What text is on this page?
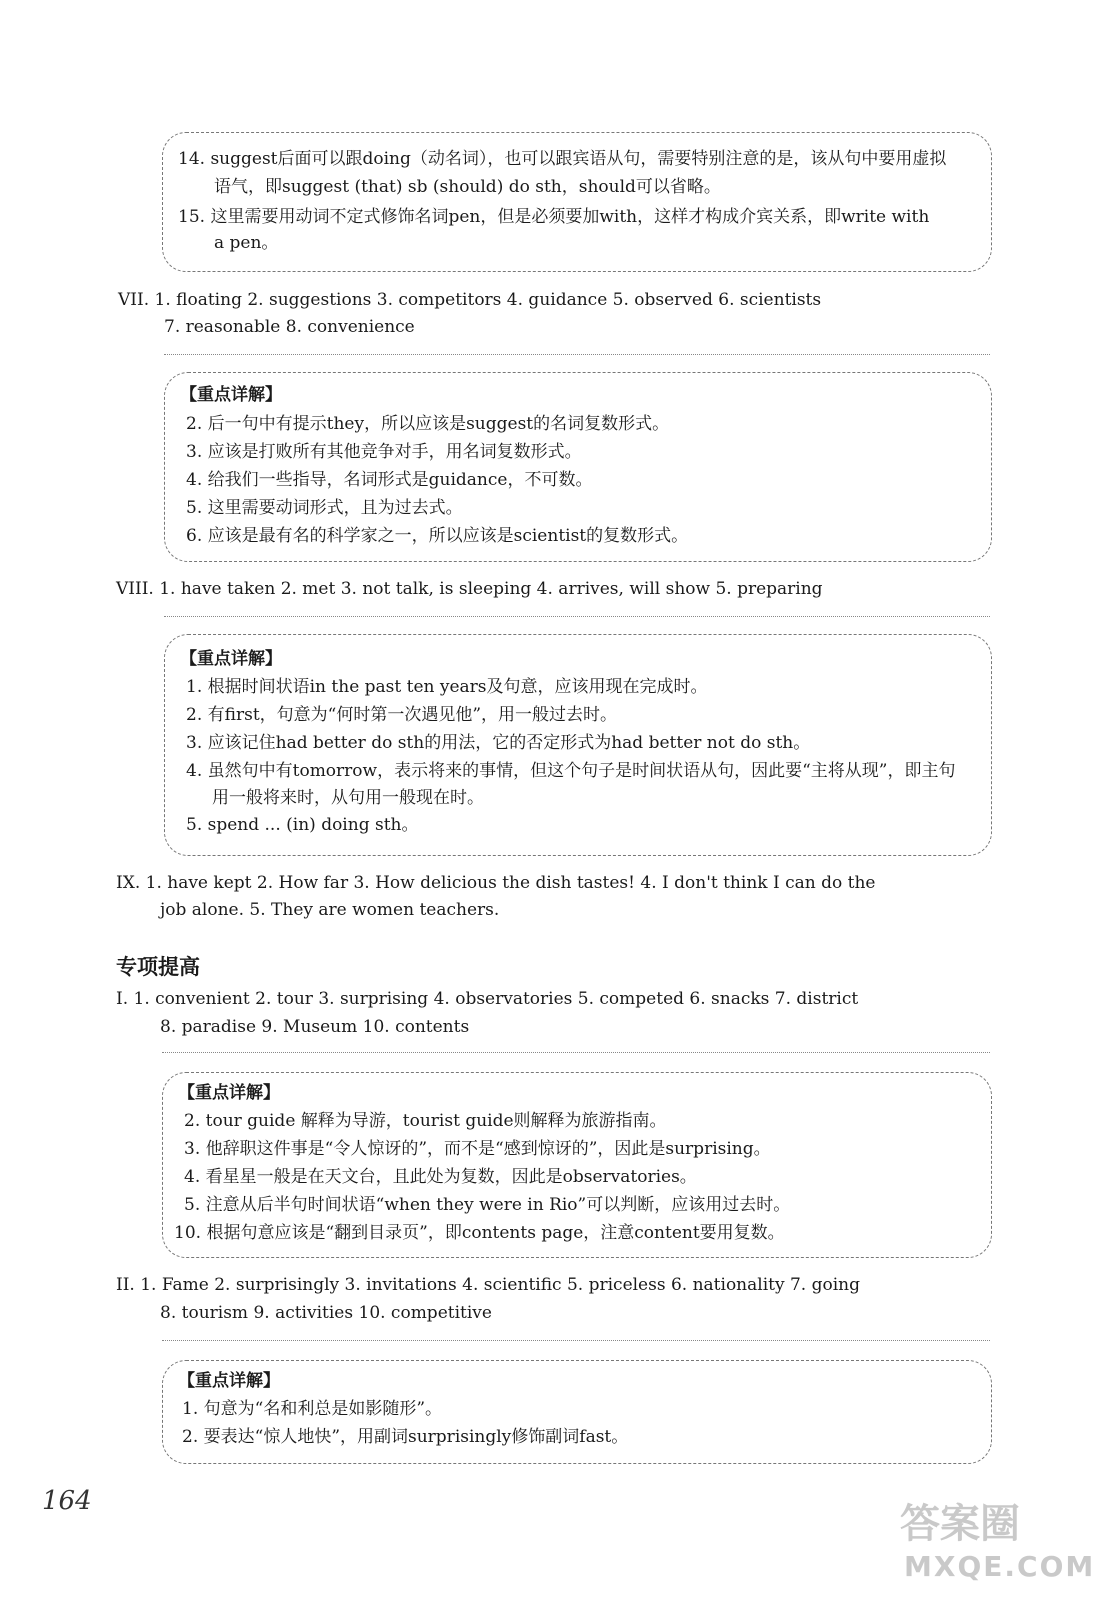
14. suggest后面可以跟doing（动名词），也可以跟宾语从句，需要特别注意的是，该从句中要用虚拟
语气，即suggest (that) sb (should) do sth，should可以省略。
15. 这里需要用动词不定式修饰名词pen，但是必须要加with，这样才构成介宾关系，即write with
a pen。
VII. 1. floating 2. suggestions 3. competitors 4. guidance 5. observed 6. scientists
7. reasonable 8. convenience
【重点详解】
2. 后一句中有提示they，所以应该是suggest的名词复数形式。
3. 应该是打败所有其他竞争对手，用名词复数形式。
4. 给我们一些指导，名词形式是guidance，不可数。
5. 这里需要动词形式，且为过去式。
6. 应该是最有名的科学家之一，所以应该是scientist的复数形式。
VIII. 1. have taken 2. met 3. not talk, is sleeping 4. arrives, will show 5. preparing
【重点详解】
1. 根据时间状语in the past ten years及句意，应该用现在完成时。
2. 有first，句意为“何时第一次遇见他”，用一般过去时。
3. 应该记住had better do sth的用法，它的否定形式为had better not do sth。
4. 虽然句中有tomorrow，表示将来的事情，但这个句子是时间状语从句，因此要“主将从现”，即主句
用一般将来时，从句用一般现在时。
5. spend ... (in) doing sth。
IX. 1. have kept 2. How far 3. How delicious the dish tastes! 4. I don't think I can do the
job alone. 5. They are women teachers.
专项提高
I. 1. convenient 2. tour 3. surprising 4. observatories 5. competed 6. snacks 7. district
8. paradise 9. Museum 10. contents
【重点详解】
2. tour guide 解释为导游，tourist guide则解释为旅游指南。
3. 他辞职这件事是“令人惊讶的”，而不是“感到惊讶的”，因此是surprising。
4. 看星星一般是在天文台，且此处为复数，因此是observatories。
5. 注意从后半句时间状语“when they were in Rio”可以判断，应该用过去时。
10. 根据句意应该是“翻到目录页”，即contents page，注意content要用复数。
II. 1. Fame 2. surprisingly 3. invitations 4. scientific 5. priceless 6. nationality 7. going
8. tourism 9. activities 10. competitive
【重点详解】
1. 句意为“名和利总是如影随形”。
2. 要表达“惊人地快”，用副词surprisingly修饰副词fast。
164	答案圈
MXQE.COM
